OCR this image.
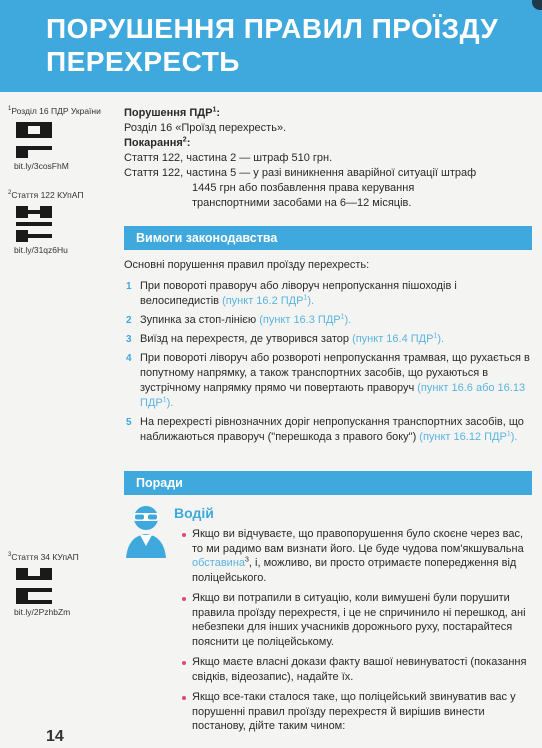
ПОРУШЕННЯ ПРАВИЛ ПРОЇЗДУ ПЕРЕХРЕСТЬ
$^1$Розділ 16 ПДР України
bit.ly/3cosFhM
$^2$Стаття 122 КУпАП
bit.ly/31qz6Hu
$^3$Стаття 34 КУпАП
bit.ly/2PzhbZm
Порушення ПДР$^1$:
Розділ 16 «Проїзд перехресть».
Покарання$^2$:
Стаття 122, частина 2 — штраф 510 грн.
Стаття 122, частина 5 — у разі виникнення аварійної ситуації штраф
1445 грн або позбавлення права керування
транспортними засобами на 6—12 місяців.
Вимоги законодавства
Основні порушення правил проїзду перехресть:
1 При повороті праворуч або ліворуч непропускання пішоходів і велосипедистів (пункт 16.2 ПДР$^1$).
2 Зупинка за стоп-лінією (пункт 16.3 ПДР$^1$).
3 Виїзд на перехрестя, де утворився затор (пункт 16.4 ПДР$^1$).
4 При повороті ліворуч або розвороті непропускання трамвая, що рухається в попутному напрямку, а також транспортних засобів, що рухаються в зустрічному напрямку прямо чи повертають праворуч (пункт 16.6 або 16.13 ПДР$^1$).
5 На перехресті рівнозначних доріг непропускання транспортних засобів, що наближаються праворуч ("перешкода з правого боку") (пункт 16.12 ПДР$^1$).
Поради
Водій
Якщо ви відчуваєте, що правопорушення було скоєне через вас, то ми радимо вам визнати його. Це буде чудова пом'якшувальна обставина$^3$, і, можливо, ви просто отримаєте попередження від поліцейського.
Якщо ви потрапили в ситуацію, коли вимушені були порушити правила проїзду перехрестя, і це не спричинило ні перешкод, ані небезпеки для інших учасників дорожнього руху, постарайтеся пояснити це поліцейському.
Якщо маєте власні докази факту вашої невинуватості (показання свідків, відеозапис), надайте їх.
Якщо все-таки сталося таке, що поліцейський звинуватив вас у порушенні правил проїзду перехрестя й вирішив винести постанову, дійте таким чином:
14
